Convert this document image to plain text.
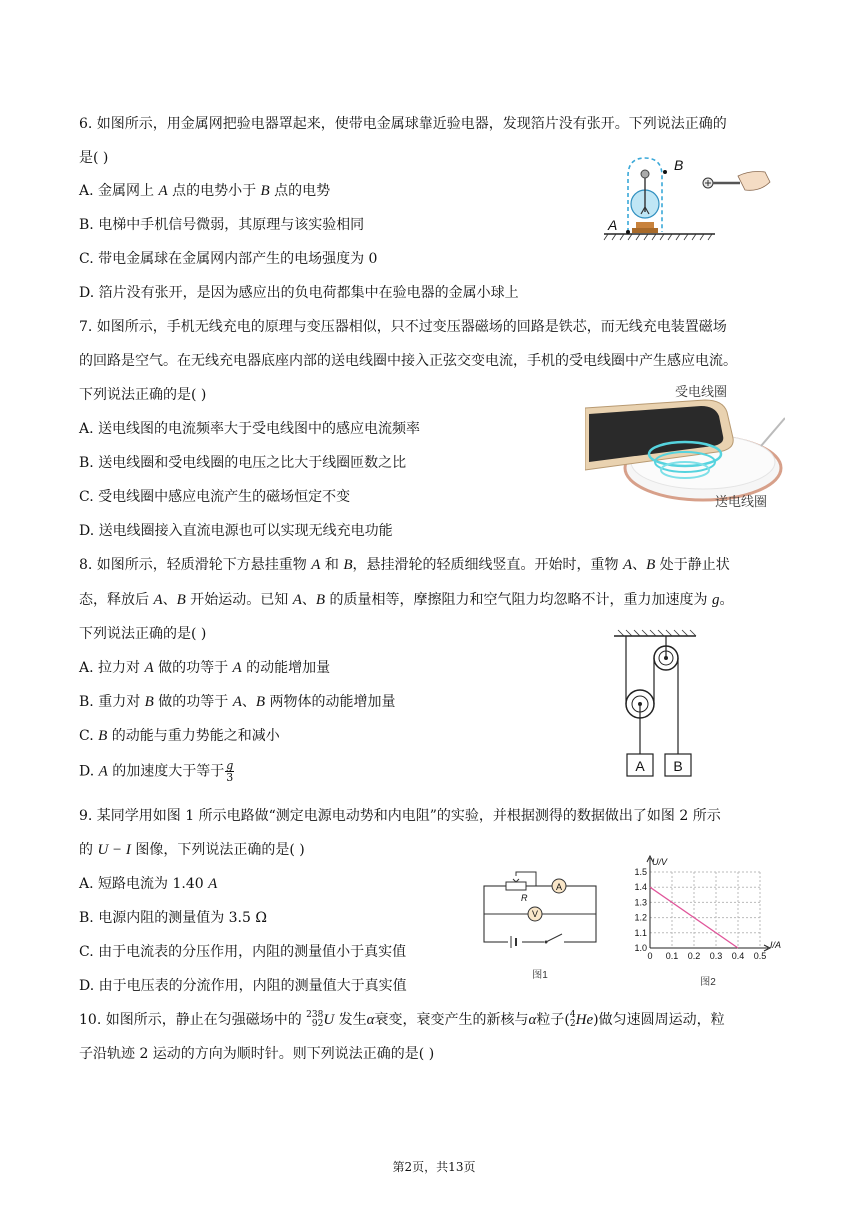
6. 如图所示，用金属网把验电器罩起来，使带电金属球靠近验电器，发现箔片没有张开。下列说法正确的
是( )
A. 金属网上 A 点的电势小于 B 点的电势
B. 电梯中手机信号微弱，其原理与该实验相同
C. 带电金属球在金属网内部产生的电场强度为 0
D. 箔片没有张开，是因为感应出的负电荷都集中在验电器的金属小球上
A
B
7. 如图所示，手机无线充电的原理与变压器相似，只不过变压器磁场的回路是铁芯，而无线充电装置磁场
的回路是空气。在无线充电器底座内部的送电线圈中接入正弦交变电流，手机的受电线圈中产生感应电流。
下列说法正确的是( )
A. 送电线图的电流频率大于受电线图中的感应电流频率
B. 送电线圈和受电线圈的电压之比大于线圈匝数之比
C. 受电线圈中感应电流产生的磁场恒定不变
D. 送电线圈接入直流电源也可以实现无线充电功能
受电线圈
送电线圈
8. 如图所示，轻质滑轮下方悬挂重物 A 和 B，悬挂滑轮的轻质细线竖直。开始时，重物 A、B 处于静止状
态，释放后 A、B 开始运动。已知 A、B 的质量相等，摩擦阻力和空气阻力均忽略不计，重力加速度为 g。
下列说法正确的是( )
A. 拉力对 A 做的功等于 A 的动能增加量
B. 重力对 B 做的功等于 A、B 两物体的动能增加量
C. B 的动能与重力势能之和减小
D. A 的加速度大于等于 $\frac{g}{3}$	A B
9. 某同学用如图 1 所示电路做“测定电源电动势和内电阻”的实验，并根据测得的数据做出了如图 2 所示
的 U − I 图像，下列说法正确的是( )
A. 短路电流为 1.40 A
B. 电源内阻的测量值为 3.5 Ω
C. 由于电流表的分压作用，内阻的测量值小于真实值
D. 由于电压表的分流作用，内阻的测量值大于真实值
A
R
V
图1
U/V
I/A
1.0
1.1
1.2
1.3
1.4
1.5
0 0.1 0.2 0.3 0.4 0.5
图2
10. 如图所示，静止在匀强磁场中的 238
92 U 发生α衰变，衰变产生的新核与α粒子( 4
2 He)做匀速圆周运动，粒
子沿轨迹 2 运动的方向为顺时针。则下列说法正确的是( )
第2页，共13页
